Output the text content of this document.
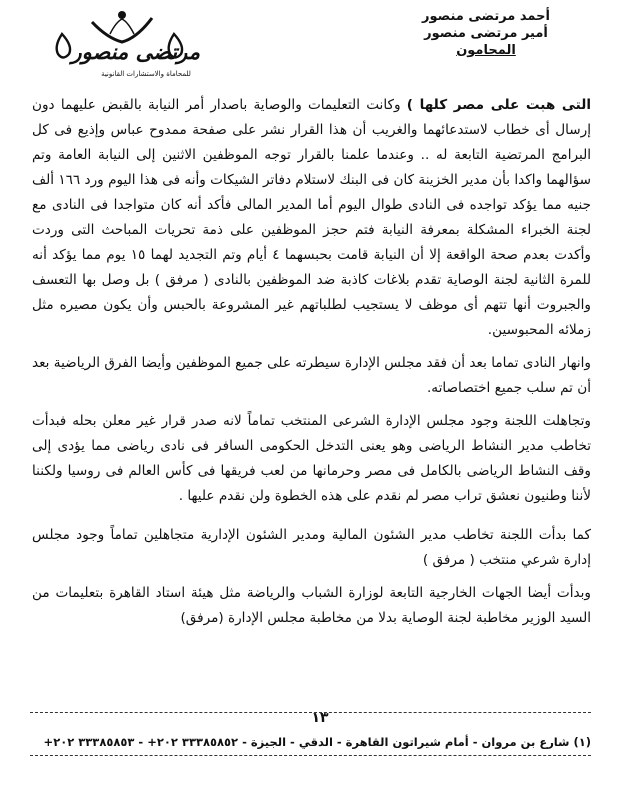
أحمد مرتضى منصور
أمير مرتضى منصور
المحامون
مرتضى منصور
للمحاماة والاستشارات القانونية

التى هبت على مصر كلها ) وكانت التعليمات والوصاية باصدار أمر النيابة بالقبض عليهما دون إرسال أى خطاب لاستدعائهما والغريب أن هذا القرار نشر على صفحة ممدوح عباس وإذيع فى كل البرامج المرتضية التابعة له .. وعندما علمنا بالقرار توجه الموظفين الاثنين إلى النيابة العامة وتم سؤالهما واكدا بأن مدير الخزينة كان فى البنك لاستلام دفاتر الشيكات وأنه فى هذا اليوم ورد ١٦٦ ألف جنيه مما يؤكد تواجده فى النادى طوال اليوم أما المدير المالى فأكد أنه كان متواجدا فى النادى مع لجنة الخبراء المشكلة بمعرفة النيابة فتم حجز الموظفين على ذمة تحريات المباحث التى وردت وأكدت بعدم صحة الواقعة إلا أن النيابة قامت بحبسهما ٤ أيام وتم التجديد لهما ١٥ يوم مما يؤكد أنه للمرة الثانية لجنة الوصاية تقدم بلاغات كاذبة ضد الموظفين بالنادى ( مرفق ) بل وصل بها التعسف والجبروت أنها تتهم أى موظف لا يستجيب لطلباتهم غير المشروعة بالحبس وأن يكون مصيره مثل زملائه المحبوسين.

وانهار النادى تماما بعد أن فقد مجلس الإدارة سيطرته على جميع الموظفين وأيضا الفرق الرياضية بعد أن تم سلب جميع اختصاصاته.

وتجاهلت اللجنة وجود مجلس الإدارة الشرعى المنتخب تماماً لانه صدر قرار غير معلن بحله فبدأت تخاطب مدير النشاط الرياضى وهو يعنى التدخل الحكومى السافر فى نادى رياضى مما يؤدى إلى وقف النشاط الرياضى بالكامل فى مصر وحرمانها من لعب فريقها فى كأس العالم فى روسيا ولكننا لأننا وطنيون نعشق تراب مصر لم نقدم على هذه الخطوة ولن نقدم عليها .

كما بدأت اللجنة تخاطب مدير الشئون المالية ومدير الشئون الإدارية متجاهلين تماماً وجود مجلس إدارة شرعي منتخب ( مرفق )

وبدأت أيضا الجهات الخارجية التابعة لوزارة الشباب والرياضة مثل هيئة استاد القاهرة بتعليمات من السيد الوزير مخاطبة لجنة الوصاية بدلا من مخاطبة مجلس الإدارة (مرفق)

١٣
(١) شارع بن مروان - أمام شيراتون القاهرة - الدقي - الجيزة - ٣٣٣٨٥٨٥٢ ٢٠٢+ - ٣٣٣٨٥٨٥٣ ٢٠٢+
